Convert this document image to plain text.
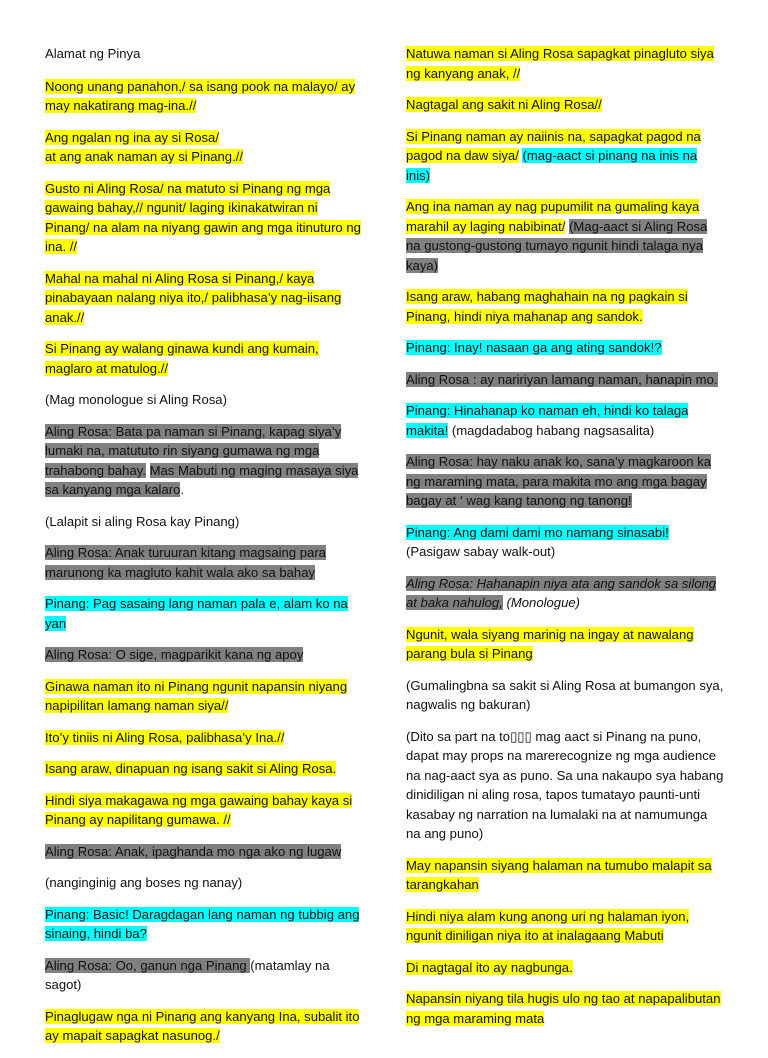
Alamat ng Pinya

Noong unang panahon,/ sa isang pook na malayo/ ay may nakatirang mag-ina.//

Ang ngalan ng ina ay si Rosa/
at ang anak naman ay si Pinang.//

Gusto ni Aling Rosa/ na matuto si Pinang ng mga gawaing bahay,// ngunit/ laging ikinakatwiran ni Pinang/ na alam na niyang gawin ang mga itinuturo ng ina. //

Mahal na mahal ni Aling Rosa si Pinang,/ kaya pinabayaan nalang niya ito,/ palibhasa’y nag-iisang anak.//

Si Pinang ay walang ginawa kundi ang kumain, maglaro at matulog.//

(Mag monologue si Aling Rosa)

Aling Rosa: Bata pa naman si Pinang, kapag siya’y lumaki na, matututo rin siyang gumawa ng mga trahabong bahay. Mas Mabuti ng maging masaya siya sa kanyang mga kalaro.

(Lalapit si aling Rosa kay Pinang)

Aling Rosa: Anak turuuran kitang magsaing para marunong ka magluto kahit wala ako sa bahay

Pinang: Pag sasaing lang naman pala e, alam ko na yan

Aling Rosa: O sige, magparikit kana ng apoy

Ginawa naman ito ni Pinang ngunit napansin niyang napipilitan lamang naman siya//

Ito’y tiniis ni Aling Rosa, palibhasa’y Ina.//

Isang araw, dinapuan ng isang sakit si Aling Rosa.

Hindi siya makagawa ng mga gawaing bahay kaya si Pinang ay napilitang gumawa. //

Aling Rosa: Anak, ipaghanda mo nga ako ng lugaw

(nanginginig ang boses ng nanay)

Pinang: Basic! Daragdagan lang naman ng tubbig ang sinaing, hindi ba?

Aling Rosa: Oo, ganun nga Pinang (matamlay na sagot)

Pinaglugaw nga ni Pinang ang kanyang Ina, subalit ito ay mapait sapagkat nasunog./

Natuwa naman si Aling Rosa sapagkat pinagluto siya ng kanyang anak, //

Nagtagal ang sakit ni Aling Rosa//

Si Pinang naman ay naiinis na, sapagkat pagod na pagod na daw siya/ (mag-aact si pinang na inis na inis)

Ang ina naman ay nag pupumilit na gumaling kaya marahil ay laging nabibinat/ (Mag-aact si Aling Rosa na gustong-gustong tumayo ngunit hindi talaga nya kaya)

Isang araw, habang maghahain na ng pagkain si Pinang, hindi niya mahanap ang sandok.

Pinang: Inay! nasaan ga ang ating sandok!?

Aling Rosa : ay naririyan lamang naman, hanapin mo.

Pinang: Hinahanap ko naman eh, hindi ko talaga makita! (magdadabog habang nagsasalita)

Aling Rosa: hay naku anak ko, sana’y magkaroon ka ng maraming mata, para makita mo ang mga bagay bagay at ‘ wag kang tanong ng tanong!

Pinang: Ang dami dami mo namang sinasabi! (Pasigaw sabay walk-out)

Aling Rosa: Hahanapin niya ata ang sandok sa silong at baka nahulog, (Monologue)

Ngunit, wala siyang marinig na ingay at nawalang parang bula si Pinang

(Gumalingbna sa sakit si Aling Rosa at bumangon sya, nagwalis ng bakuran)

(Dito sa part na to▯▯▯ mag aact si Pinang na puno, dapat may props na marerecognize ng mga audience na nag-aact sya as puno. Sa una nakaupo sya habang dinidiligan ni aling rosa, tapos tumatayo paunti-unti kasabay ng narration na lumalaki na at namumunga na ang puno)

May napansin siyang halaman na tumubo malapit sa tarangkahan

Hindi niya alam kung anong uri ng halaman iyon, ngunit diniligan niya ito at inalagaang Mabuti

Di nagtagal ito ay nagbunga.

Napansin niyang tila hugis ulo ng tao at napapalibutan ng mga maraming mata
